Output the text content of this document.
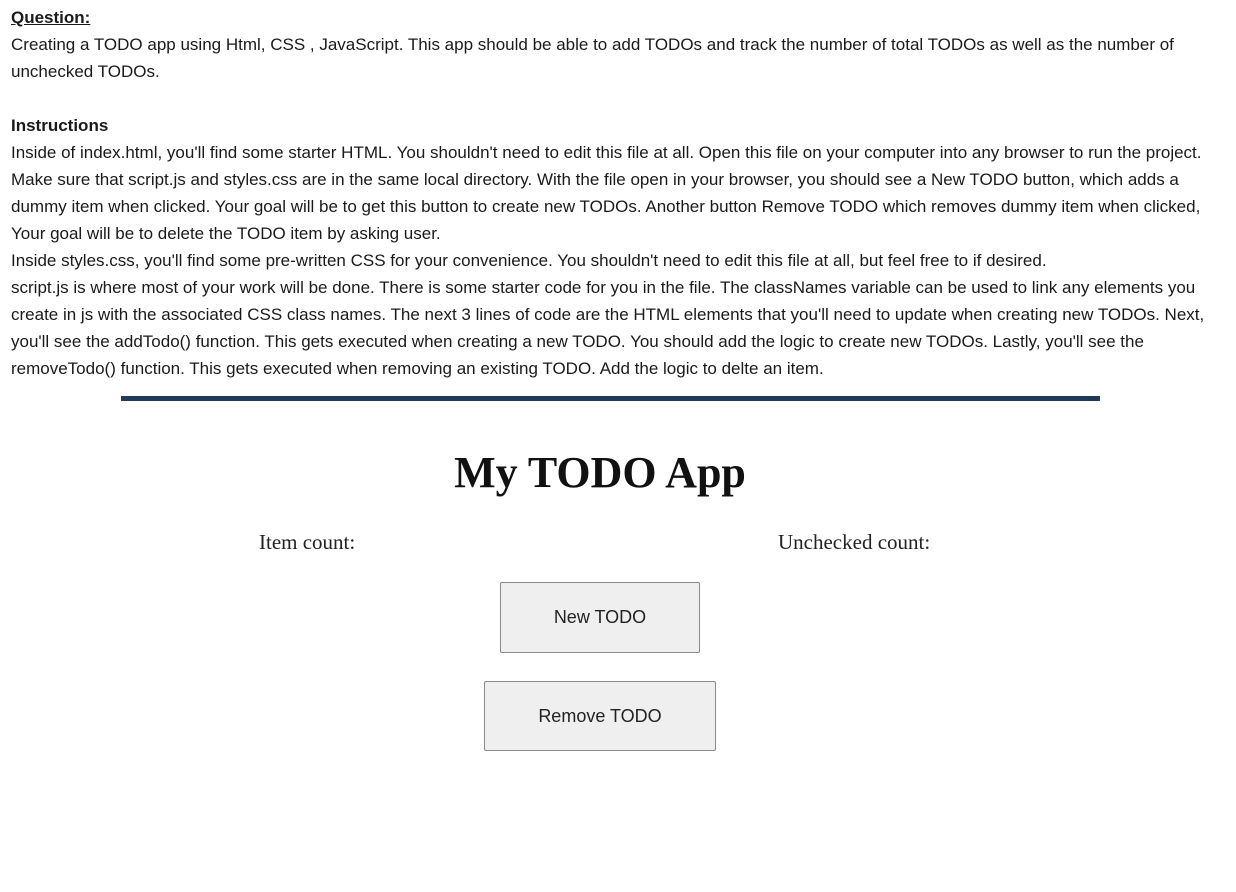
Question:
Creating a TODO app using Html, CSS , JavaScript. This app should be able to add TODOs and track the number of total TODOs as well as the number of unchecked TODOs.
Instructions
Inside of index.html, you'll find some starter HTML. You shouldn't need to edit this file at all. Open this file on your computer into any browser to run the project. Make sure that script.js and styles.css are in the same local directory. With the file open in your browser, you should see a New TODO button, which adds a dummy item when clicked. Your goal will be to get this button to create new TODOs. Another button Remove TODO which removes dummy item when clicked, Your goal will be to delete the TODO item by asking user.
Inside styles.css, you'll find some pre-written CSS for your convenience. You shouldn't need to edit this file at all, but feel free to if desired.
script.js is where most of your work will be done. There is some starter code for you in the file. The classNames variable can be used to link any elements you create in js with the associated CSS class names. The next 3 lines of code are the HTML elements that you'll need to update when creating new TODOs. Next, you'll see the addTodo() function. This gets executed when creating a new TODO. You should add the logic to create new TODOs. Lastly, you'll see the removeTodo() function. This gets executed when removing an existing TODO. Add the logic to delte an item.
My TODO App
Item count:	Unchecked count:
New TODO
Remove TODO
